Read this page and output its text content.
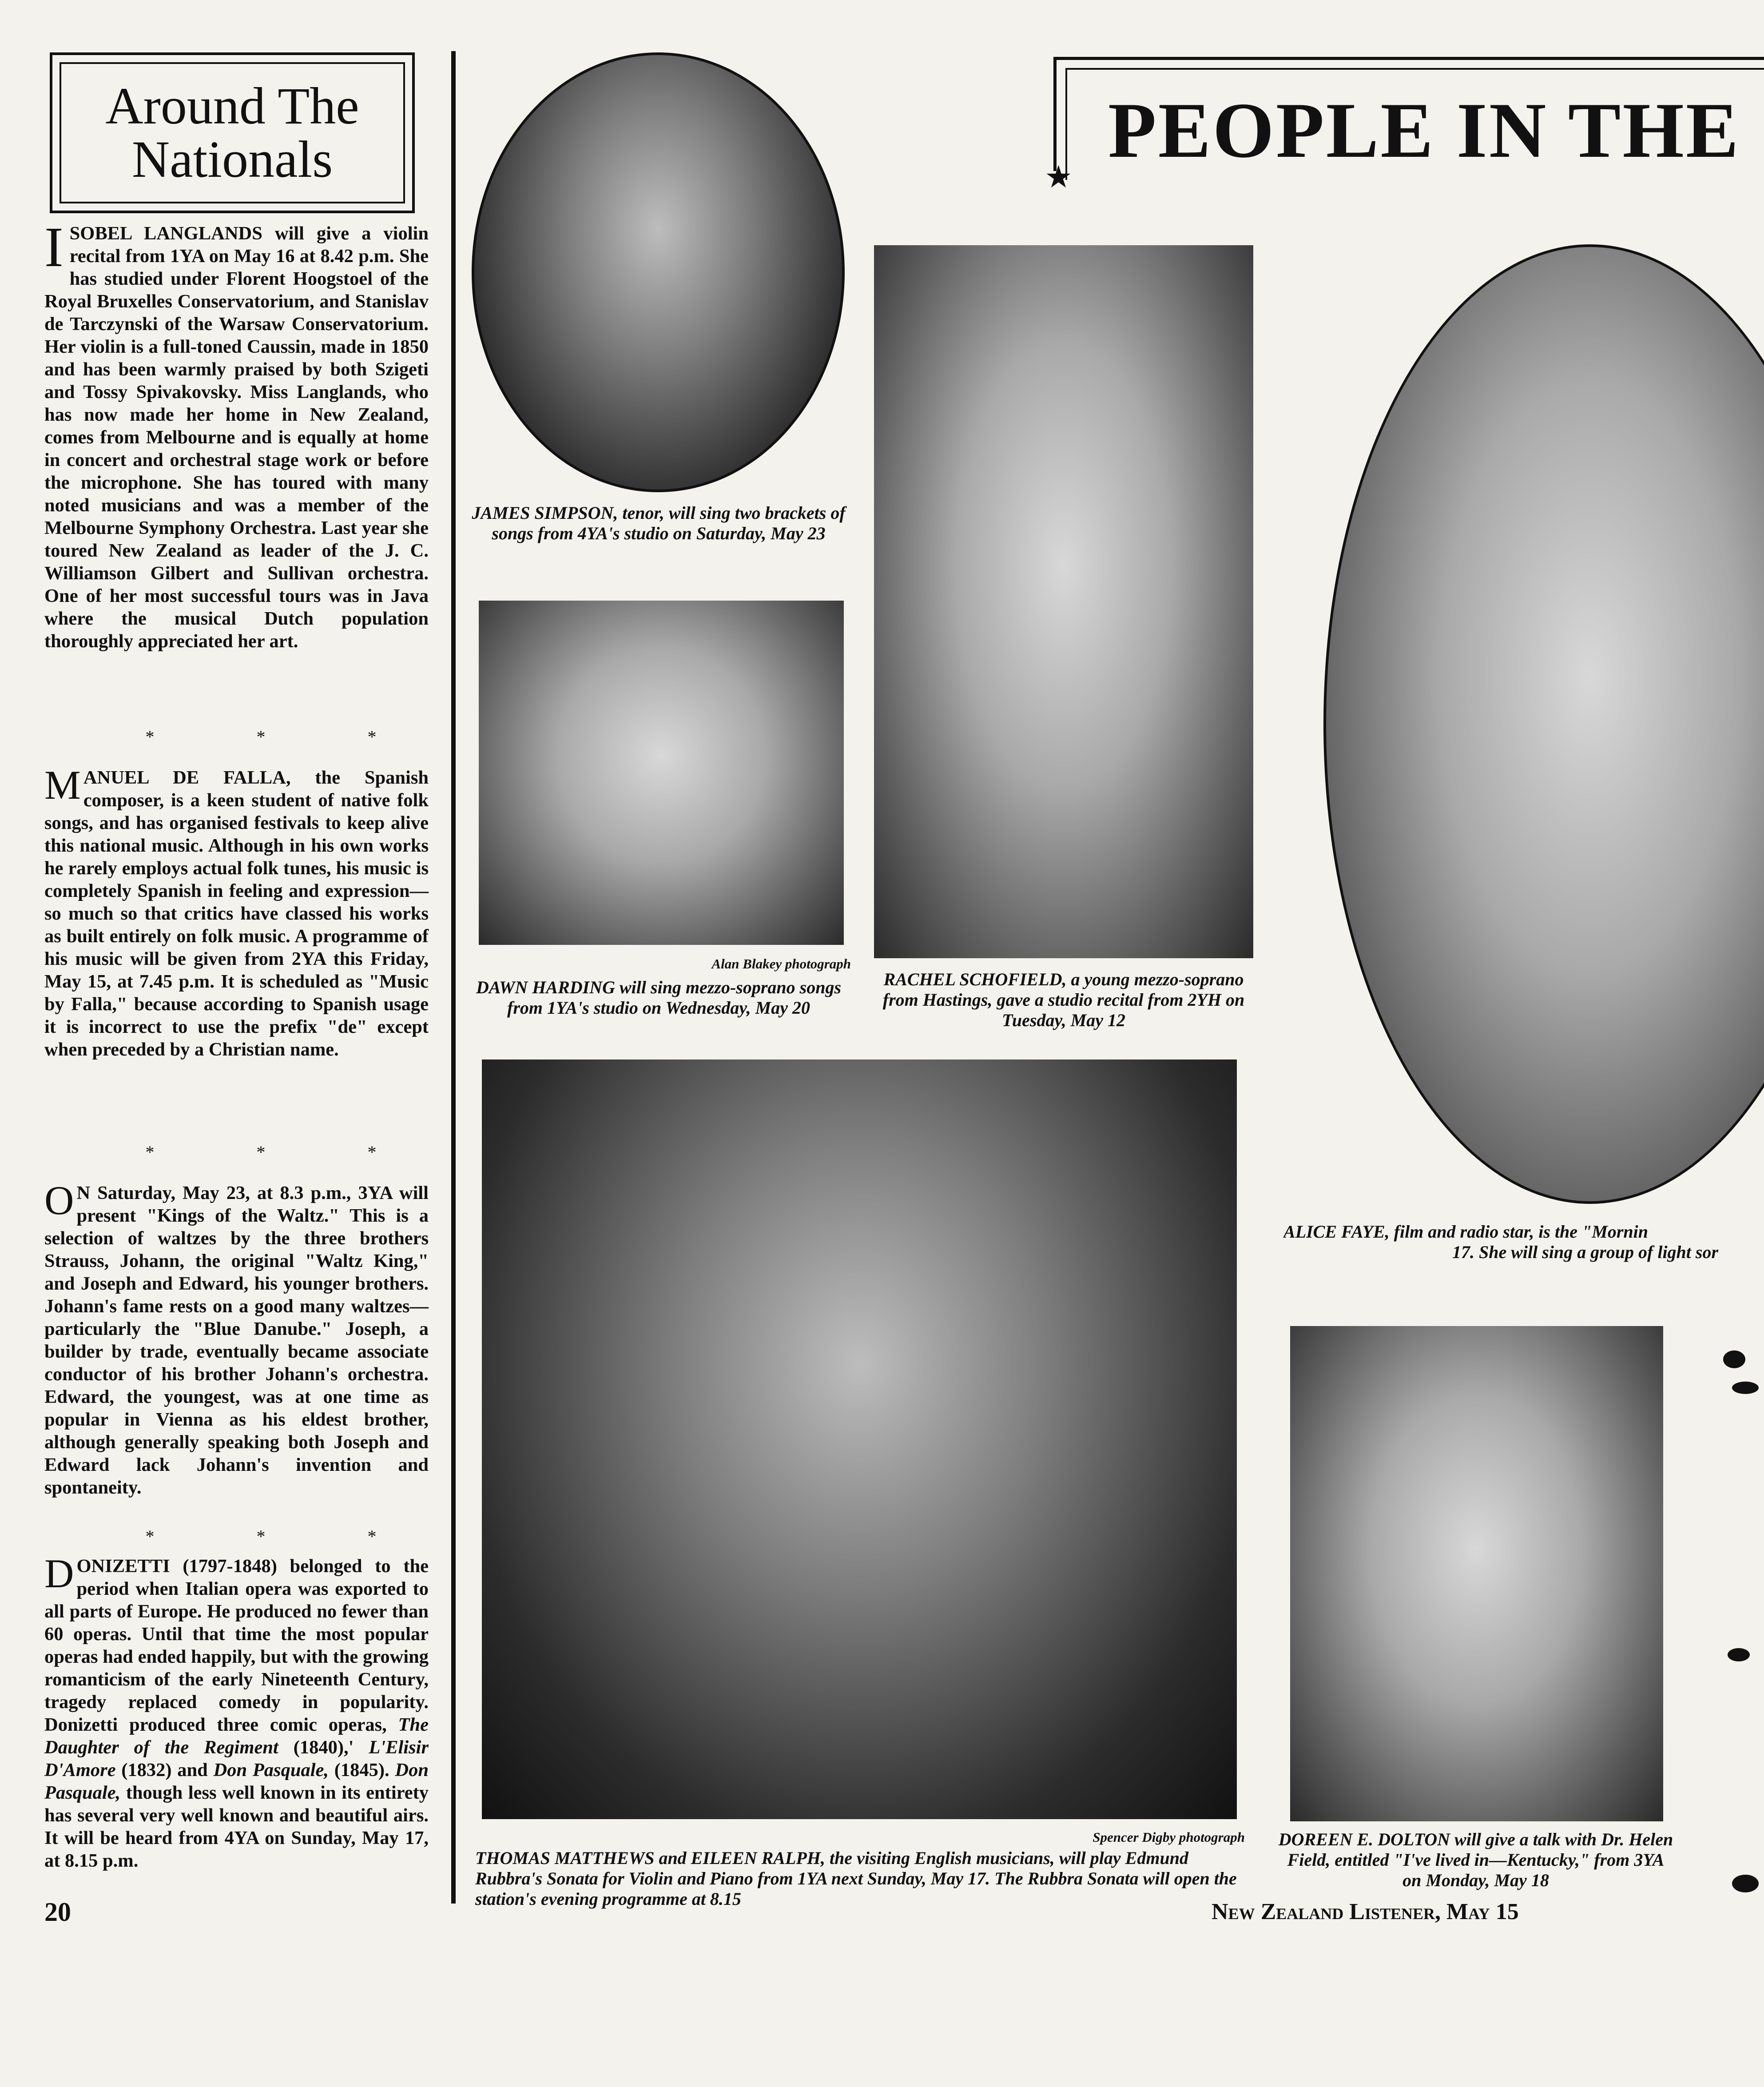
Around The Nationals

ISOBEL LANGLANDS will give a violin recital from 1YA on May 16 at 8.42 p.m. She has studied under Florent Hoogstoel of the Royal Bruxelles Conservatorium, and Stanislav de Tarczynski of the Warsaw Conservatorium. Her violin is a full-toned Caussin, made in 1850 and has been warmly praised by both Szigeti and Tossy Spivakovsky. Miss Langlands, who has now made her home in New Zealand, comes from Melbourne and is equally at home in concert and orchestral stage work or before the microphone. She has toured with many noted musicians and was a member of the Melbourne Symphony Orchestra. Last year she toured New Zealand as leader of the J. C. Williamson Gilbert and Sullivan orchestra. One of her most successful tours was in Java where the musical Dutch population thoroughly appreciated her art.

* * *

MANUEL DE FALLA, the Spanish composer, is a keen student of native folk songs, and has organised festivals to keep alive this national music. Although in his own works he rarely employs actual folk tunes, his music is completely Spanish in feeling and expression—so much so that critics have classed his works as built entirely on folk music. A programme of his music will be given from 2YA this Friday, May 15, at 7.45 p.m. It is scheduled as "Music by Falla," because according to Spanish usage it is incorrect to use the prefix "de" except when preceded by a Christian name.

* * *

O N Saturday, May 23, at 8.3 p.m., 3YA will present "Kings of the Waltz." This is a selection of waltzes by the three brothers Strauss, Johann, the original "Waltz King," and Joseph and Edward, his younger brothers. Johann's fame rests on a good many waltzes—particularly the "Blue Danube." Joseph, a builder by trade, eventually became associate conductor of his brother Johann's orchestra. Edward, the youngest, was at one time as popular in Vienna as his eldest brother, although generally speaking both Joseph and Edward lack Johann's invention and spontaneity.

* * *

DONIZETTI (1797-1848) belonged to the period when Italian opera was exported to all parts of Europe. He produced no fewer than 60 operas. Until that time the most popular operas had ended happily, but with the growing romanticism of the early Nineteenth Century, tragedy replaced comedy in popularity. Donizetti produced three comic operas, The Daughter of the Regiment (1840),' L'Elisir D'Amore (1832) and Don Pasquale, (1845). Don Pasquale, though less well known in its entirety has several very well known and beautiful airs. It will be heard from 4YA on Sunday, May 17, at 8.15 p.m.

PEOPLE IN THE
★
JAMES SIMPSON, tenor, will sing two brackets of songs from 4YA's studio on Saturday, May 23
Alan Blakey photograph
DAWN HARDING will sing mezzo-soprano songs from 1YA's studio on Wednesday, May 20
RACHEL SCHOFIELD, a young mezzo-soprano from Hastings, gave a studio recital from 2YH on Tuesday, May 12
ALICE FAYE, film and radio star, is the "Mornin
17. She will sing a group of light sor
Spencer Digby photograph
THOMAS MATTHEWS and EILEEN RALPH, the visiting English musicians, will play Edmund Rubbra's Sonata for Violin and Piano from 1YA next Sunday, May 17. The Rubbra Sonata will open the station's evening programme at 8.15
DOREEN E. DOLTON will give a talk with Dr. Helen Field, entitled "I've lived in—Kentucky," from 3YA on Monday, May 18
20	New Zealand Listener, May 15
